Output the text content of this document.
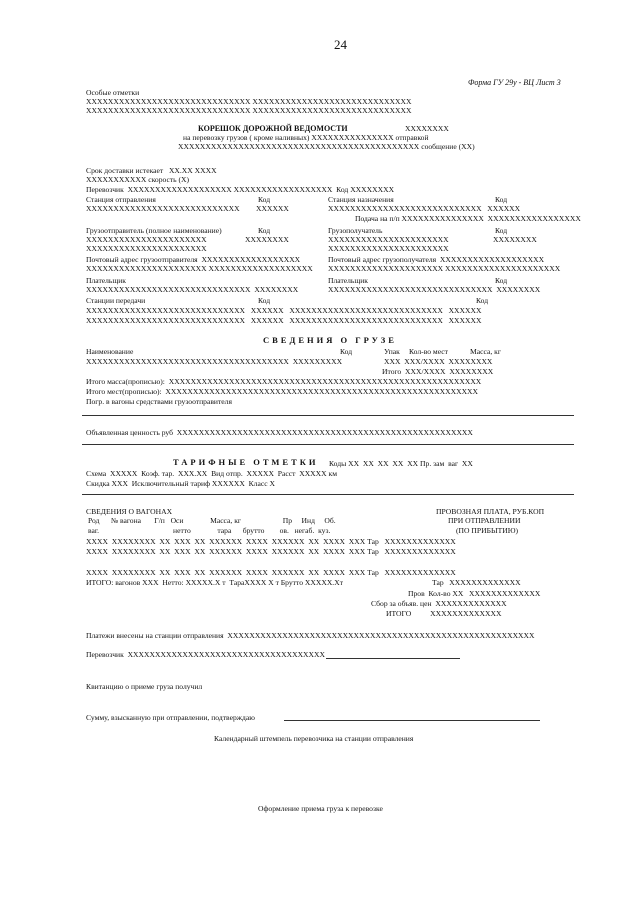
24
Форма ГУ 29у - ВЦ Лист 3
Особые отметки
ХХХХХХХХХХХХХХХХХХХХХХХХХХХХХХ ХХХХХХХХХХХХХХХХХХХХХХХХХХХХХ
ХХХХХХХХХХХХХХХХХХХХХХХХХХХХХХ ХХХХХХХХХХХХХХХХХХХХХХХХХХХХХ
КОРЕШОК ДОРОЖНОЙ ВЕДОМОСТИ	ХХХХХХХХ
на перевозку грузов ( кроме наливных) ХХХХХХХХХХХХХХХ отправкой
ХХХХХХХХХХХХХХХХХХХХХХХХХХХХХХХХХХХХХХХХХХХХ сообщение (ХХ)
Срок доставки истекает   ХХ.ХХ ХХХХ
ХХХХХХХХХХХ скорость (Х)
Перевозчик  ХХХХХХХХХХХХХХХХХХХ ХХХХХХХХХХХХХХХХХХ  Код ХХХХХХХХ
Станция отправления	Код
ХХХХХХХХХХХХХХХХХХХХХХХХХХХХ ХХХХХХ
Станция назначения	Код
ХХХХХХХХХХХХХХХХХХХХХХХХХХХХ   ХХХХХХ
Подача на п/п ХХХХХХХХХХХХХХХ  ХХХХХХХХХХХХХХХХХ
Грузоотправитель (полное наименование)	Код
ХХХХХХХХХХХХХХХХХХХХХХ	ХХХХХХХХ
ХХХХХХХХХХХХХХХХХХХХХХ
Почтовый адрес грузоотправителя  ХХХХХХХХХХХХХХХХХХ
ХХХХХХХХХХХХХХХХХХХХХХ ХХХХХХХХХХХХХХХХХХХ
Грузополучатель	Код
ХХХХХХХХХХХХХХХХХХХХХХ	ХХХХХХХХ
ХХХХХХХХХХХХХХХХХХХХХХ
Почтовый адрес грузополучателя  ХХХХХХХХХХХХХХХХХХХ
ХХХХХХХХХХХХХХХХХХХХХ ХХХХХХХХХХХХХХХХХХХХХ
Плательщик
ХХХХХХХХХХХХХХХХХХХХХХХХХХХХХХ  ХХХХХХХХ
Плательщик	Код
ХХХХХХХХХХХХХХХХХХХХХХХХХХХХХХ  ХХХХХХХХ
Станции передачи	Код	Код
ХХХХХХХХХХХХХХХХХХХХХХХХХХХХХ   ХХХХХХ   ХХХХХХХХХХХХХХХХХХХХХХХХХХХХ   ХХХХХХ
ХХХХХХХХХХХХХХХХХХХХХХХХХХХХХ   ХХХХХХ   ХХХХХХХХХХХХХХХХХХХХХХХХХХХХ   ХХХХХХ
СВЕДЕНИЯ О ГРУЗЕ
Наименование	Код	Упак Кол-во мест	Масса, кг
ХХХХХХХХХХХХХХХХХХХХХХХХХХХХХХХХХХХХХ  ХХХХХХХХХ	ХХХ  ХХХ/ХХХХ  ХХХХХХХХ
Итого  ХХХ/ХХХХ  ХХХХХХХХ
Итого масса(прописью):  ХХХХХХХХХХХХХХХХХХХХХХХХХХХХХХХХХХХХХХХХХХХХХХХХХХХХХХХХХ
Итого мест(прописью):  ХХХХХХХХХХХХХХХХХХХХХХХХХХХХХХХХХХХХХХХХХХХХХХХХХХХХХХХХХ
Погр. в вагоны средствами грузоотправителя
Объявленная ценность руб  ХХХХХХХХХХХХХХХХХХХХХХХХХХХХХХХХХХХХХХХХХХХХХХХХХХХХХХ
ТАРИФНЫЕ ОТМЕТКИ Коды ХХ  ХХ  ХХ  ХХ  ХХ Пр. зам  ваг  ХХ
Схема  ХХХХХ  Коэф. тар.  ХХХ.ХХ  Вид отпр.  ХХХХХ  Расст  ХХХХХ км
Скидка ХХХ  Исключительный тариф ХХХХХХ  Класс Х
СВЕДЕНИЯ О ВАГОНАХ	ПРОВОЗНАЯ ПЛАТА, РУБ.КОП
ПРИ ОТПРАВЛЕНИИ
(ПО ПРИБЫТИЮ)
Род      № вагона       Г/п   Оси              Масса, кг                      Пр     Инд     Об.
ваг.                                       нетто              тара      брутто        ов.   негаб.  куз.
ХХХХ  ХХХХХХХХ  ХХ  ХХХ  ХХ  ХХХХХХ  ХХХХ  ХХХХХХ  ХХ  ХХХХ  ХХХ Тар   ХХХХХХХХХХХХХ
ХХХХ  ХХХХХХХХ  ХХ  ХХХ  ХХ  ХХХХХХ  ХХХХ  ХХХХХХ  ХХ  ХХХХ  ХХХ Тар   ХХХХХХХХХХХХХ
ХХХХ  ХХХХХХХХ  ХХ  ХХХ  ХХ  ХХХХХХ  ХХХХ  ХХХХХХ  ХХ  ХХХХ  ХХХ Тар   ХХХХХХХХХХХХХ
ИТОГО: вагонов ХХХ  Нетто: ХХХХХ.Х т  ТараХХХХ Х т Брутто ХХХХХ.Хт	Тар   ХХХХХХХХХХХХХ
Пров  Кол-во ХХ   ХХХХХХХХХХХХХ
Сбор за объяв. цен  ХХХХХХХХХХХХХ
ИТОГО          ХХХХХХХХХХХХХ
Платежи внесены на станции отправления  ХХХХХХХХХХХХХХХХХХХХХХХХХХХХХХХХХХХХХХХХХХХХХХХХХХХХХХХХ
Перевозчик  ХХХХХХХХХХХХХХХХХХХХХХХХХХХХХХХХХХХХ
Квитанцию о приеме груза получил
Сумму, взысканную при отправлении, подтверждаю
Календарный штемпель перевозчика на станции отправления
Оформление приема груза к перевозке
